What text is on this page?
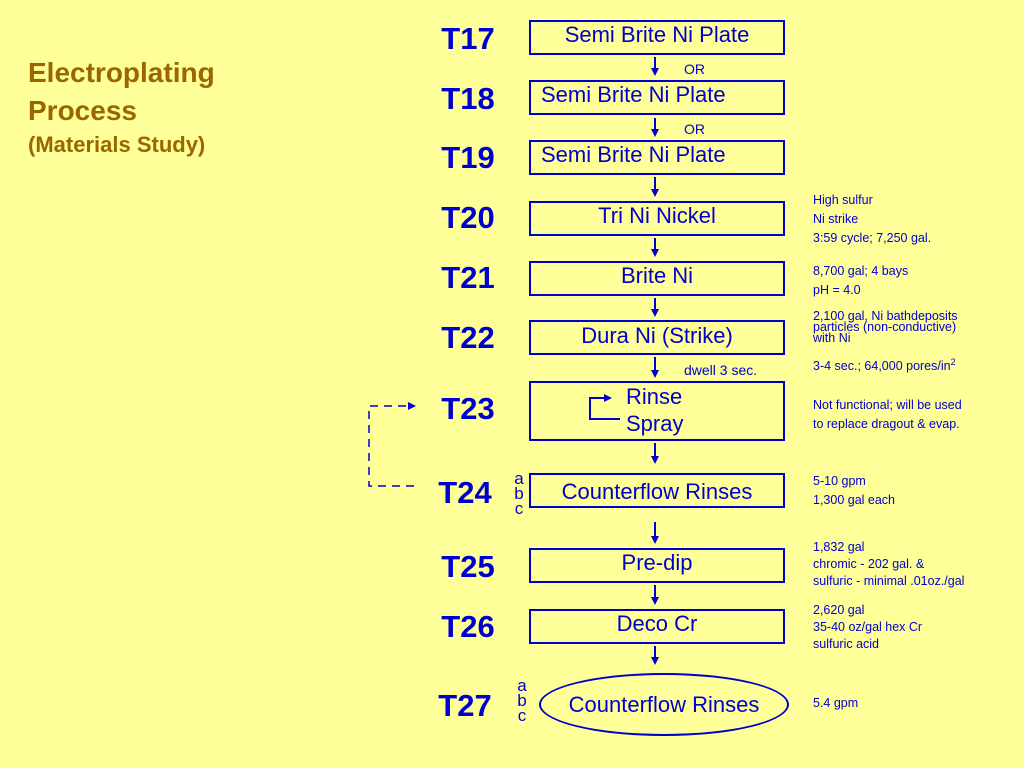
Electroplating
Process
(Materials Study)
T17
T18
T19
T20
T21
T22
T23
T24
T25
T26
T27
Semi Brite Ni Plate
Semi Brite Ni Plate
Semi Brite Ni Plate
Tri Ni Nickel
Brite Ni
Dura Ni (Strike)
Rinse
Spray
Counterflow Rinses
Pre-dip
Deco Cr
Counterflow Rinses
a
b
c
a
b
c
OR
OR
dwell 3 sec.
High sulfur
Ni strike
3:59 cycle; 7,250 gal.
8,700 gal; 4 bays
pH = 4.0
2,100 gal, Ni bathdeposits
particles (non-conductive)
with Ni
3-4 sec.; 64,000 pores/$in^2$
Not functional; will be used
to replace dragout & evap.
5-10 gpm
1,300 gal each
1,832 gal
chromic - 202 gal. &
sulfuric - minimal .01oz./gal
2,620 gal
35-40 oz/gal hex Cr
sulfuric acid
5.4 gpm
